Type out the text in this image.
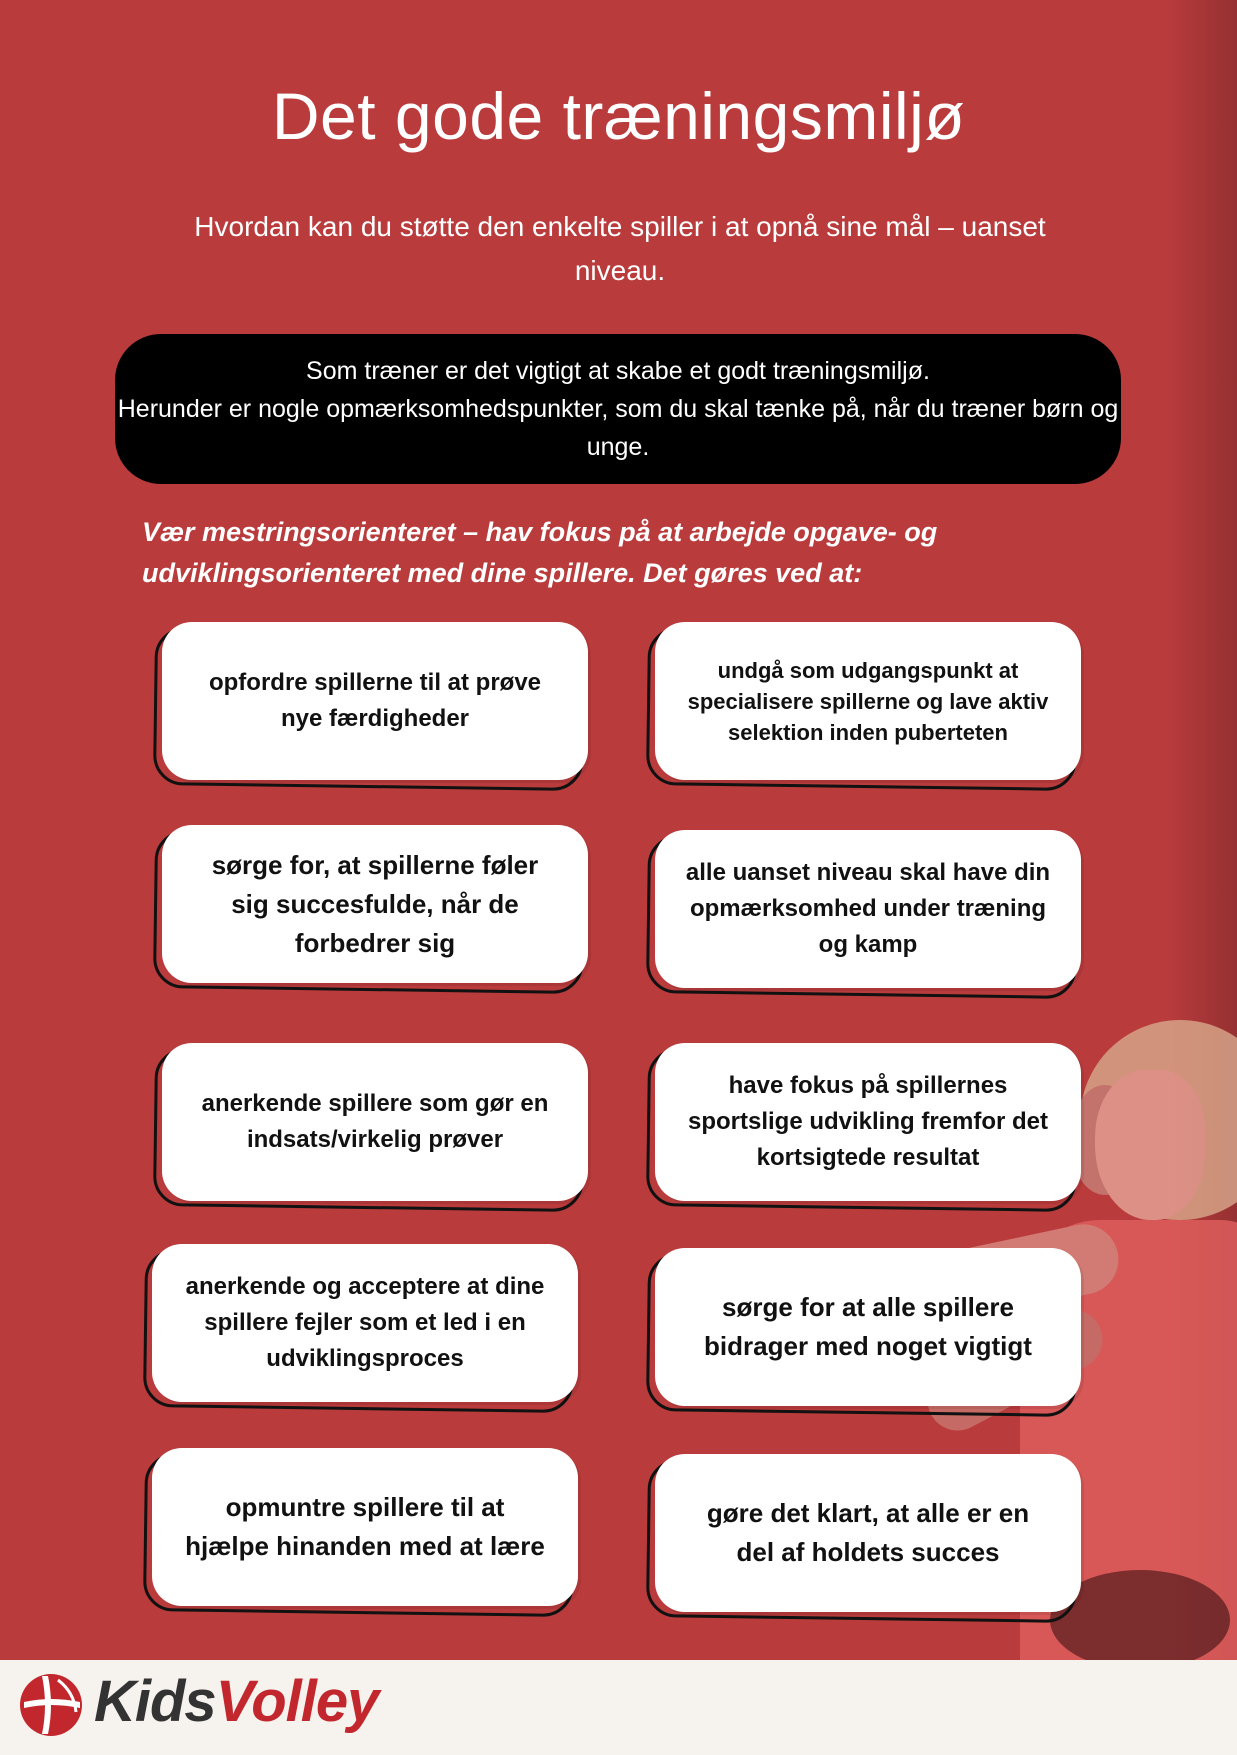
Det gode træningsmiljø
Hvordan kan du støtte den enkelte spiller i at opnå sine mål – uanset niveau.
Som træner er det vigtigt at skabe et godt træningsmiljø.
Herunder er nogle opmærksomhedspunkter, som du skal tænke på, når du træner børn og unge.
Vær mestringsorienteret – hav fokus på at arbejde opgave- og udviklingsorienteret med dine spillere. Det gøres ved at:
opfordre spillerne til at prøve nye færdigheder
sørge for, at spillerne føler sig succesfulde, når de forbedrer sig
anerkende spillere som gør en indsats/virkelig prøver
anerkende og acceptere at dine spillere fejler som et led i en udviklingsproces
opmuntre spillere til at hjælpe hinanden med at lære
undgå som udgangspunkt at specialisere spillerne og lave aktiv selektion inden puberteten
alle uanset niveau skal have din opmærksomhed under træning og kamp
have fokus på spillernes sportslige udvikling fremfor det kortsigtede resultat
sørge for at alle spillere bidrager med noget vigtigt
gøre det klart, at alle er en del af holdets succes
KidsVolley
